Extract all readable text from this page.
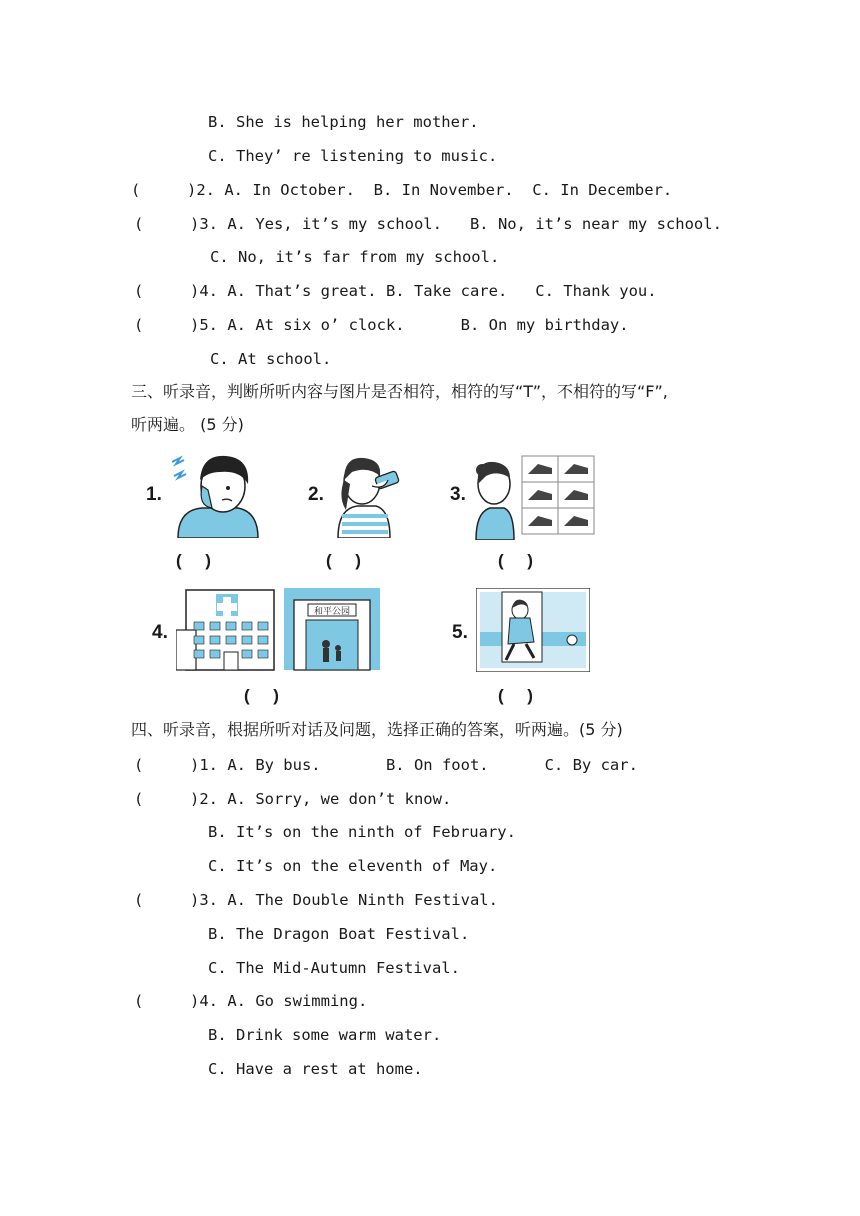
B. She is helping her mother.
C. They’ re listening to music.
(     )2. A. In October.  B. In November.  C. In December.
(     )3. A. Yes, it’s my school.   B. No, it’s near my school.
C. No, it’s far from my school.
(     )4. A. That’s great. B. Take care.   C. Thank you.
(     )5. A. At six o’ clock.      B. On my birthday.
C. At school.
三、听录音，判断所听内容与图片是否相符，相符的写“T”，不相符的写“F”,
听两遍。 (5 分)
1.
(     )
2.
(     )
3.
(     )
4.
和平公园
(     )
5.
(     )
四、听录音，根据所听对话及问题，选择正确的答案，听两遍。(5 分)
(     )1. A. By bus.       B. On foot.      C. By car.
(     )2. A. Sorry, we don’t know.
B. It’s on the ninth of February.
C. It’s on the eleventh of May.
(     )3. A. The Double Ninth Festival.
B. The Dragon Boat Festival.
C. The Mid-Autumn Festival.
(     )4. A. Go swimming.
B. Drink some warm water.
C. Have a rest at home.
